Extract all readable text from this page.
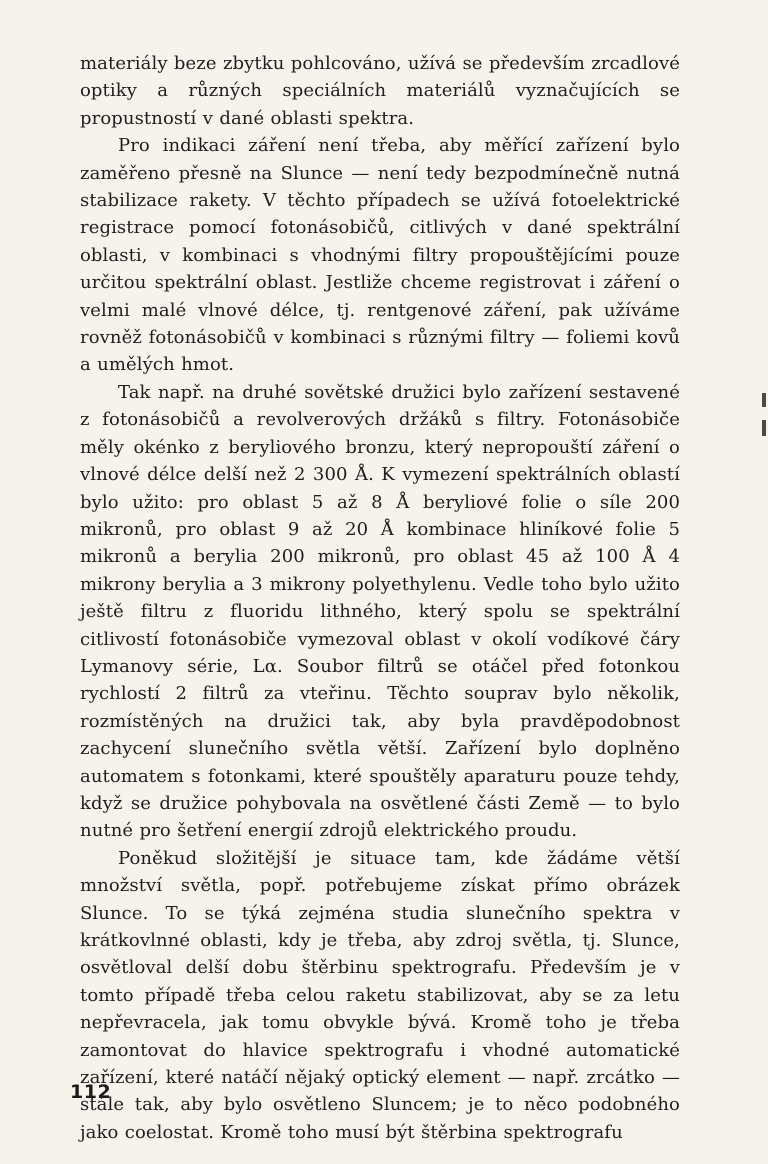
materiály beze zbytku pohlcováno, užívá se především zrcadlové optiky a různých speciálních materiálů vyznačujících se propustností v dané oblasti spektra.

Pro indikaci záření není třeba, aby měřící zařízení bylo zaměřeno přesně na Slunce — není tedy bezpodmínečně nutná stabilizace rakety. V těchto případech se užívá fotoelektrické registrace pomocí fotonásobičů, citlivých v dané spektrální oblasti, v kombinaci s vhodnými filtry propouštějícími pouze určitou spektrální oblast. Jestliže chceme registrovat i záření o velmi malé vlnové délce, tj. rentgenové záření, pak užíváme rovněž fotonásobičů v kombinaci s různými filtry — foliemi kovů a umělých hmot.

Tak např. na druhé sovětské družici bylo zařízení sestavené z fotonásobičů a revolverových držáků s filtry. Fotonásobiče měly okénko z beryliového bronzu, který nepropouští záření o vlnové délce delší než 2 300 Å. K vymezení spektrálních oblastí bylo užito: pro oblast 5 až 8 Å beryliové folie o síle 200 mikronů, pro oblast 9 až 20 Å kombinace hliníkové folie 5 mikronů a berylia 200 mikronů, pro oblast 45 až 100 Å 4 mikrony berylia a 3 mikrony polyethylenu. Vedle toho bylo užito ještě filtru z fluoridu lithného, který spolu se spektrální citlivostí fotonásobiče vymezoval oblast v okolí vodíkové čáry Lymanovy série, Lα. Soubor filtrů se otáčel před fotonkou rychlostí 2 filtrů za vteřinu. Těchto souprav bylo několik, rozmístěných na družici tak, aby byla pravděpodobnost zachycení slunečního světla větší. Zařízení bylo doplněno automatem s fotonkami, které spouštěly aparaturu pouze tehdy, když se družice pohybovala na osvětlené části Země — to bylo nutné pro šetření energií zdrojů elektrického proudu.

Poněkud složitější je situace tam, kde žádáme větší množství světla, popř. potřebujeme získat přímo obrázek Slunce. To se týká zejména studia slunečního spektra v krátkovlnné oblasti, kdy je třeba, aby zdroj světla, tj. Slunce, osvětloval delší dobu štěrbinu spektrografu. Především je v tomto případě třeba celou raketu stabilizovat, aby se za letu nepřevracela, jak tomu obvykle bývá. Kromě toho je třeba zamontovat do hlavice spektrografu i vhodné automatické zařízení, které natáčí nějaký optický element — např. zrcátko — stále tak, aby bylo osvětleno Sluncem; je to něco podobného jako coelostat. Kromě toho musí být štěrbina spektrografu

112
